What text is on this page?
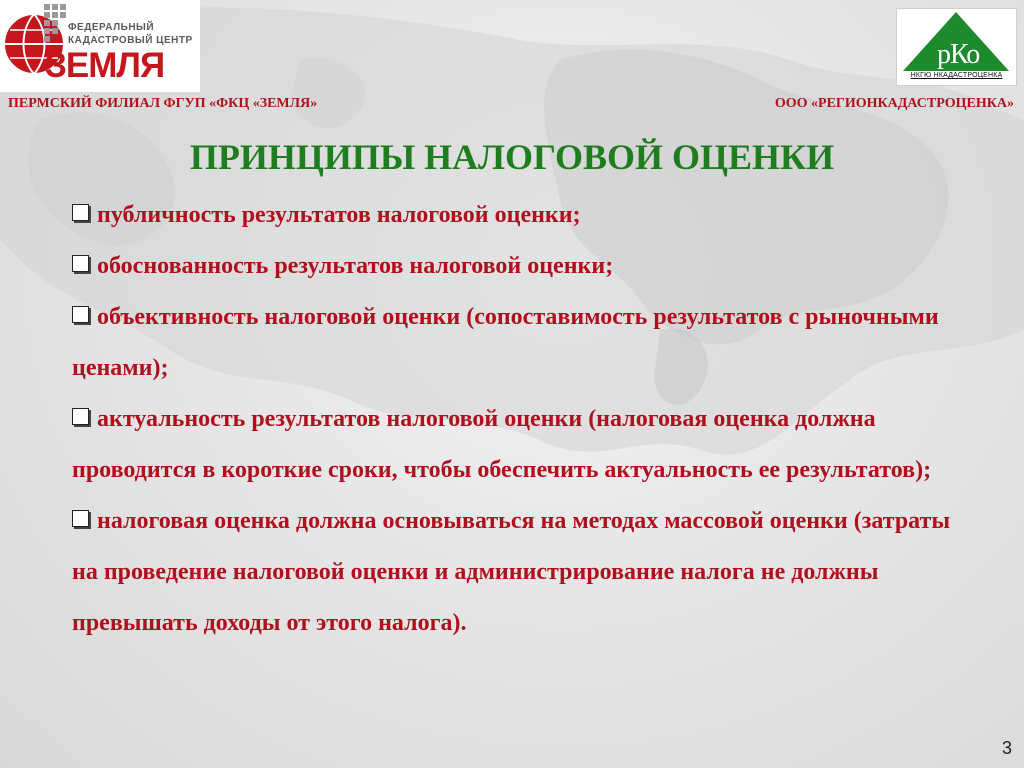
ФЕДЕРАЛЬНЫЙ
КАДАСТРОВЫЙ ЦЕНТР
ЗЕМЛЯ	рКо
НКГЮ НКАДАСТРОЦЕНКА
ПЕРМСКИЙ ФИЛИАЛ ФГУП «ФКЦ «ЗЕМЛЯ»	ООО «РЕГИОНКАДАСТРОЦЕНКА»
ПРИНЦИПЫ НАЛОГОВОЙ ОЦЕНКИ

публичность результатов налоговой оценки;

обоснованность результатов налоговой оценки;

объективность налоговой оценки (сопоставимость результатов с рыночными ценами);

актуальность результатов налоговой оценки (налоговая оценка должна проводится в короткие сроки, чтобы обеспечить актуальность ее результатов);

налоговая оценка должна основываться на методах массовой оценки (затраты на проведение налоговой оценки и администрирование налога не должны превышать доходы от этого налога).

3
